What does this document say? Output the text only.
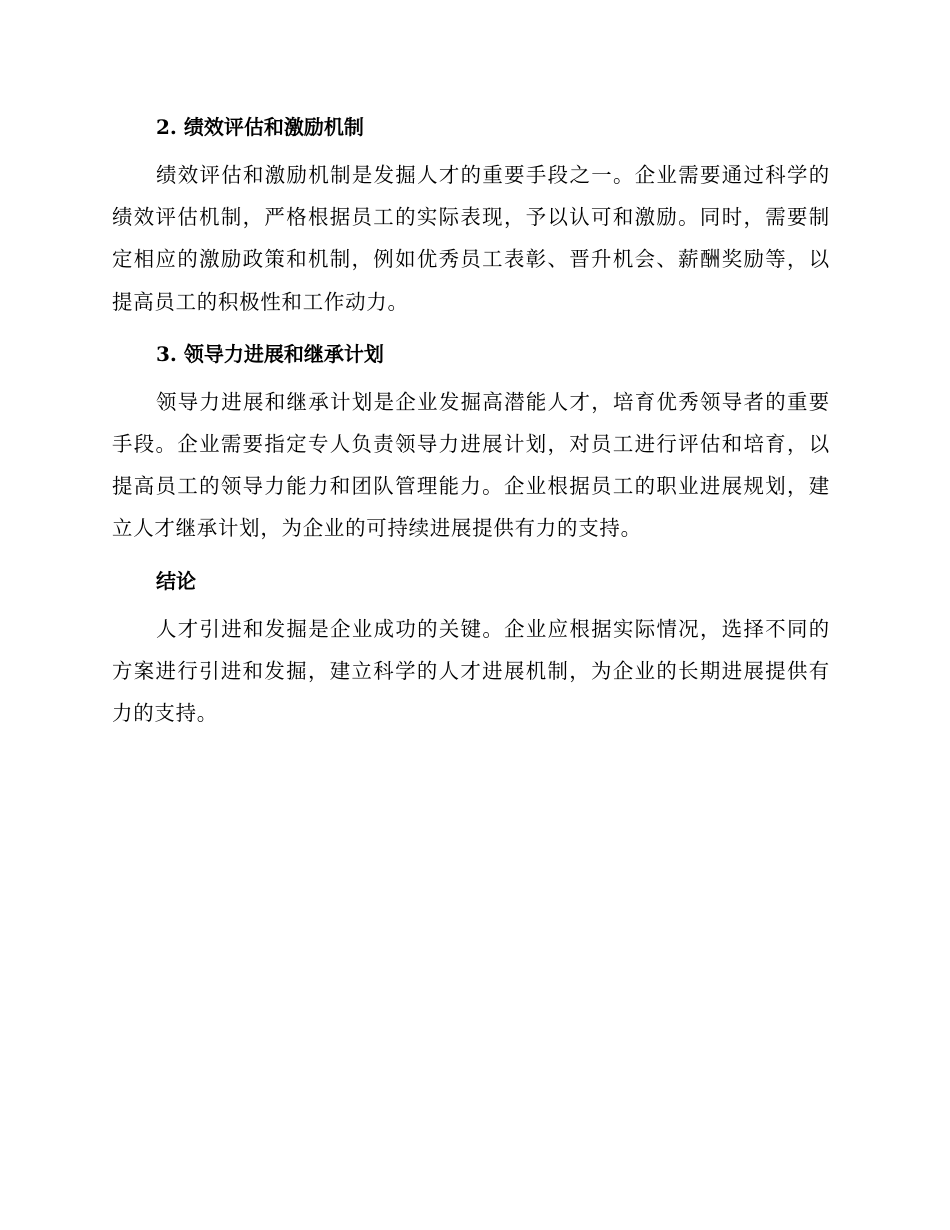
2. 绩效评估和激励机制

绩效评估和激励机制是发掘人才的重要手段之一。企业需要通过科学的绩效评估机制，严格根据员工的实际表现，予以认可和激励。同时，需要制定相应的激励政策和机制，例如优秀员工表彰、晋升机会、薪酬奖励等，以提高员工的积极性和工作动力。

3. 领导力进展和继承计划

领导力进展和继承计划是企业发掘高潜能人才，培育优秀领导者的重要手段。企业需要指定专人负责领导力进展计划，对员工进行评估和培育，以提高员工的领导力能力和团队管理能力。企业根据员工的职业进展规划，建立人才继承计划，为企业的可持续进展提供有力的支持。

结论

人才引进和发掘是企业成功的关键。企业应根据实际情况，选择不同的方案进行引进和发掘，建立科学的人才进展机制，为企业的长期进展提供有力的支持。
